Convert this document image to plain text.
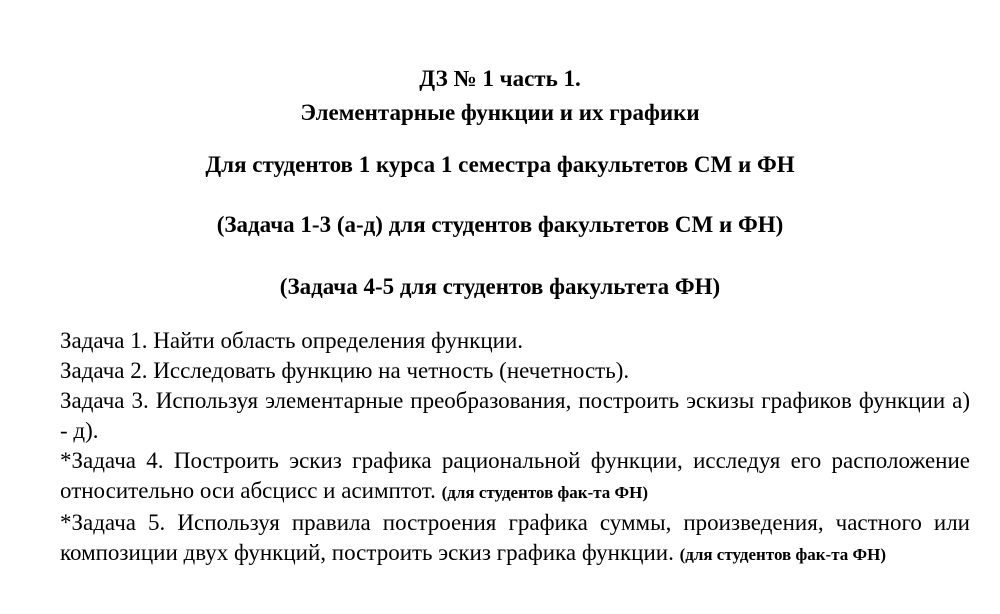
ДЗ № 1 часть 1.
Элементарные функции и их графики
Для студентов 1 курса 1 семестра факультетов СМ и ФН
(Задача 1-3 (а-д) для студентов факультетов СМ и ФН)
(Задача 4-5 для студентов факультета ФН)

Задача 1. Найти область определения функции.

Задача 2. Исследовать функцию на четность (нечетность).

Задача 3. Используя элементарные преобразования, построить эскизы графиков функции а) - д).

*Задача 4. Построить эскиз графика рациональной функции, исследуя его расположение относительно оси абсцисс и асимптот. (для студентов фак-та ФН)

*Задача 5. Используя правила построения графика суммы, произведения, частного или композиции двух функций, построить эскиз графика функции. (для студентов фак-та ФН)
